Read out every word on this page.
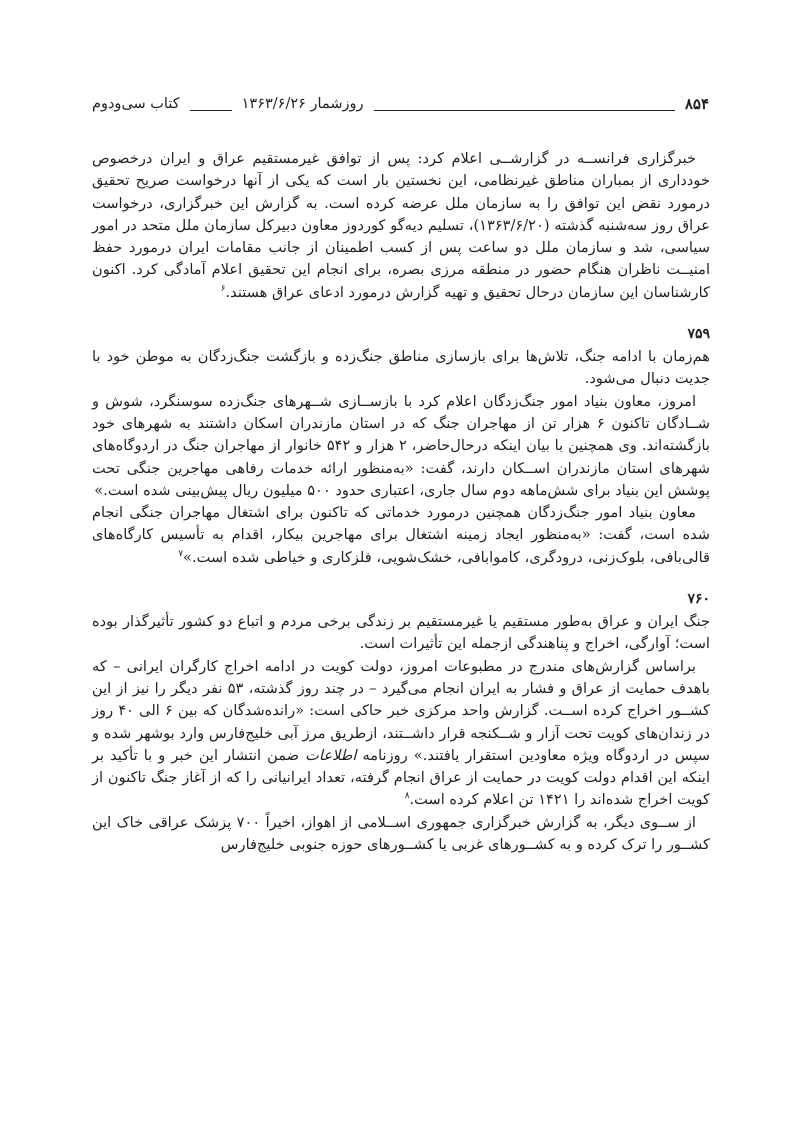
۸۵۴
روزشمار ۱۳۶۳/۶/۲۶
کتاب سی‌ودوم

خبرگزاری فرانســه در گزارشــی اعلام کرد: پس از توافق غیرمستقیم عراق و ایران درخصوص خودداری از بمباران مناطق غیرنظامی، این نخستین بار است که یکی از آنها درخواست صریح تحقیق درمورد نقض این توافق را به سازمان ملل عرضه کرده است. به گزارش این خبرگزاری، درخواست عراق روز سه‌شنبه گذشته (۱۳۶۳/۶/۲۰)، تسلیم دیه‌گو کوردوز معاون دبیرکل سازمان ملل متحد در امور سیاسی، شد و سازمان ملل دو ساعت پس از کسب اطمینان از جانب مقامات ایران درمورد حفظ امنیــت ناظران هنگام حضور در منطقه مرزی بصره، برای انجام این تحقیق اعلام آمادگی کرد. اکنون کارشناسان این سازمان درحال تحقیق و تهیه گزارش درمورد ادعای عراق هستند.$^۶$

۷۵۹

هم‌زمان با ادامه جنگ، تلاش‌ها برای بازسازی مناطق جنگ‌زده و بازگشت جنگ‌زدگان به موطن خود با جدیت دنبال می‌شود.

امروز، معاون بنیاد امور جنگ‌زدگان اعلام کرد با بازســازی شــهرهای جنگ‌زده سوسنگرد، شوش و شــادگان تاکنون ۶ هزار تن از مهاجران جنگ که در استان مازندران اسکان داشتند به شهرهای خود بازگشته‌اند. وی همچنین با بیان اینکه درحال‌حاضر، ۲ هزار و ۵۴۲ خانوار از مهاجران جنگ در اردوگاه‌های شهرهای استان مازندران اســکان دارند، گفت: «به‌منظور ارائه خدمات رفاهی مهاجرین جنگی تحت پوشش این بنیاد برای شش‌ماهه دوم سال جاری، اعتباری حدود ۵۰۰ میلیون ریال پیش‌بینی شده است.»

معاون بنیاد امور جنگ‌زدگان همچنین درمورد خدماتی که تاکنون برای اشتغال مهاجران جنگی انجام شده است، گفت: «به‌منظور ایجاد زمینه اشتغال برای مهاجرین بیکار، اقدام به تأسیس کارگاه‌های قالی‌بافی، بلوک‌زنی، درودگری، کاموابافی، خشک‌شویی، فلزکاری و خیاطی شده است.»$^۷$

۷۶۰

جنگ ایران و عراق به‌طور مستقیم یا غیرمستقیم بر زندگی برخی مردم و اتباع دو کشور تأثیرگذار بوده است؛ آوارگی، اخراج و پناهندگی ازجمله این تأثیرات است.

براساس گزارش‌های مندرج در مطبوعات امروز، دولت کویت در ادامه اخراج کارگران ایرانی – که باهدف حمایت از عراق و فشار به ایران انجام می‌گیرد – در چند روز گذشته، ۵۳ نفر دیگر را نیز از این کشــور اخراج کرده اســت. گزارش واحد مرکزی خبر حاکی است: «رانده‌شدگان که بین ۶ الی ۴۰ روز در زندان‌های کویت تحت آزار و شــکنجه قرار داشــتند، ازطریق مرز آبی خلیج‌فارس وارد بوشهر شده و سپس در اردوگاه ویژه معاودین استقرار یافتند.» روزنامه اطلاعات ضمن انتشار این خبر و با تأکید بر اینکه این اقدام دولت کویت در حمایت از عراق انجام گرفته، تعداد ایرانیانی را که از آغاز جنگ تاکنون از کویت اخراج شده‌اند را ۱۴۲۱ تن اعلام کرده است.$^۸$

از ســوی دیگر، به گزارش خبرگزاری جمهوری اســلامی از اهواز، اخیراً ۷۰۰ پزشک عراقی خاک این کشــور را ترک کرده و به کشــورهای غربی یا کشــورهای حوزه جنوبی خلیج‌فارس
